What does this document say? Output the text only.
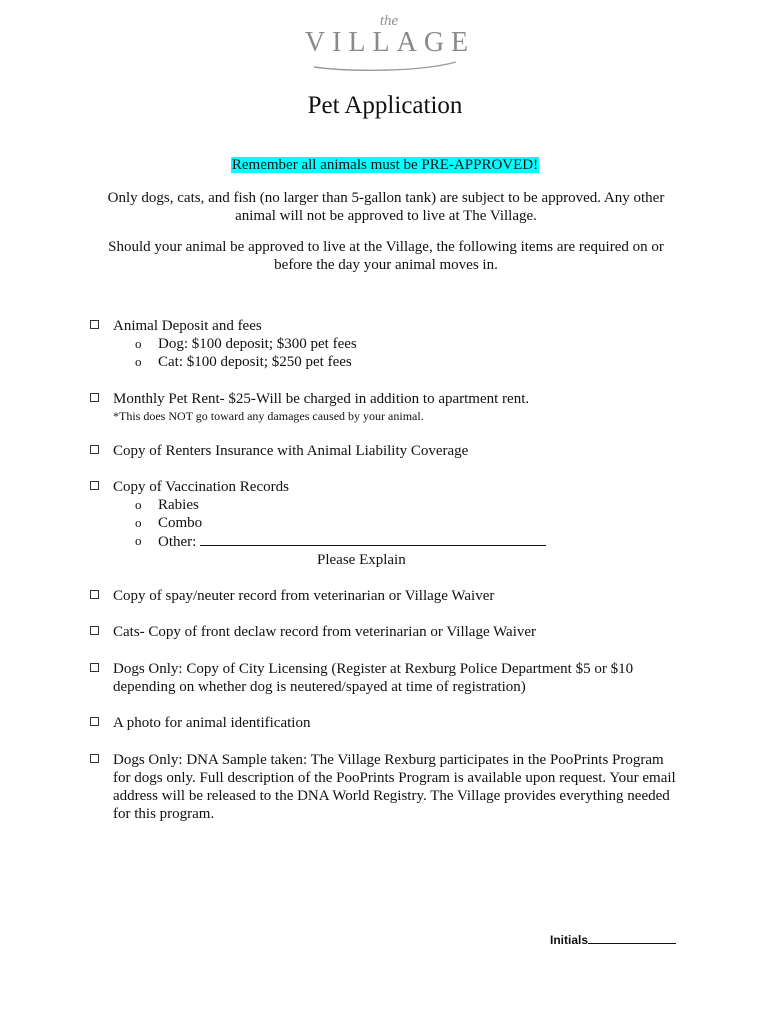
the
VILLAGE
Pet Application
Remember all animals must be PRE-APPROVED!
Only dogs, cats, and fish (no larger than 5-gallon tank) are subject to be approved. Any other animal will not be approved to live at The Village.
Should your animal be approved to live at the Village, the following items are required on or before the day your animal moves in.
Animal Deposit and fees
o Dog: $100 deposit; $300 pet fees
o Cat: $100 deposit; $250 pet fees
Monthly Pet Rent- $25-Will be charged in addition to apartment rent.
*This does NOT go toward any damages caused by your animal.
Copy of Renters Insurance with Animal Liability Coverage
Copy of Vaccination Records
o Rabies
o Combo
o Other:
Please Explain
Copy of spay/neuter record from veterinarian or Village Waiver
Cats- Copy of front declaw record from veterinarian or Village Waiver
Dogs Only: Copy of City Licensing (Register at Rexburg Police Department $5 or $10 depending on whether dog is neutered/spayed at time of registration)
A photo for animal identification
Dogs Only: DNA Sample taken: The Village Rexburg participates in the PooPrints Program for dogs only. Full description of the PooPrints Program is available upon request. Your email address will be released to the DNA World Registry. The Village provides everything needed for this program.
Initials
